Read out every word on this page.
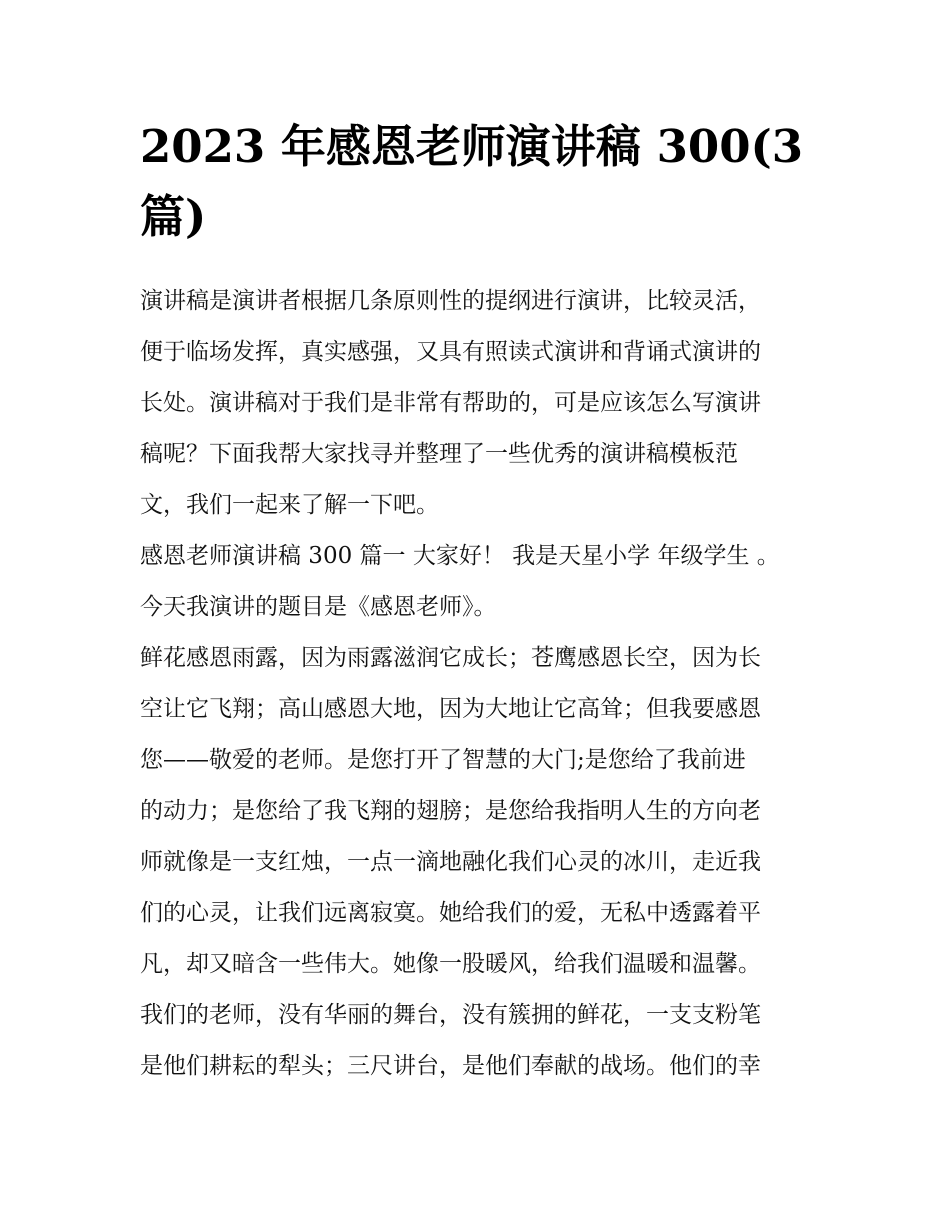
2023 年感恩老师演讲稿 300(3
篇)
演讲稿是演讲者根据几条原则性的提纲进行演讲，比较灵活，
便于临场发挥，真实感强，又具有照读式演讲和背诵式演讲的
长处。演讲稿对于我们是非常有帮助的，可是应该怎么写演讲
稿呢？下面我帮大家找寻并整理了一些优秀的演讲稿模板范
文，我们一起来了解一下吧。
感恩老师演讲稿 300 篇一 大家好！ 我是天星小学 年级学生 。
今天我演讲的题目是《感恩老师》。
鲜花感恩雨露，因为雨露滋润它成长；苍鹰感恩长空，因为长
空让它飞翔；高山感恩大地，因为大地让它高耸；但我要感恩
您——敬爱的老师。是您打开了智慧的大门;是您给了我前进
的动力；是您给了我飞翔的翅膀；是您给我指明人生的方向老
师就像是一支红烛，一点一滴地融化我们心灵的冰川，走近我
们的心灵，让我们远离寂寞。她给我们的爱，无私中透露着平
凡，却又暗含一些伟大。她像一股暖风，给我们温暖和温馨。
我们的老师，没有华丽的舞台，没有簇拥的鲜花，一支支粉笔
是他们耕耘的犁头；三尺讲台，是他们奉献的战场。他们的幸
